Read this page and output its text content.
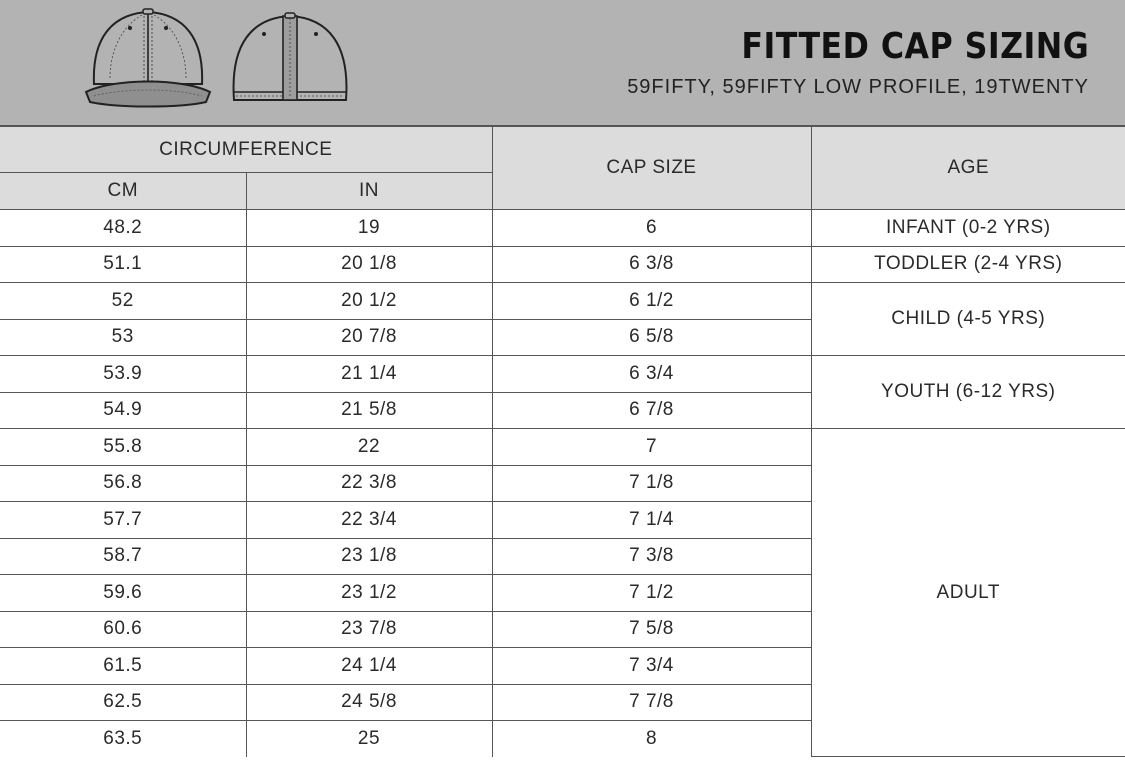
FITTED CAP SIZING
59FIFTY, 59FIFTY LOW PROFILE, 19TWENTY
CIRCUMFERENCE		CAP SIZE	AGE
CM	IN		
48.2	19	6	INFANT (0-2 YRS)
51.1	20 1/8	6 3/8	TODDLER (2-4 YRS)
52	20 1/2	6 1/2	CHILD (4-5 YRS)
53	20 7/8	6 5/8	
53.9	21 1/4	6 3/4	YOUTH (6-12 YRS)
54.9	21 5/8	6 7/8	
55.8	22	7	ADULT
56.8	22 3/8	7 1/8	
57.7	22 3/4	7 1/4	
58.7	23 1/8	7 3/8	
59.6	23 1/2	7 1/2	
60.6	23 7/8	7 5/8	
61.5	24 1/4	7 3/4	
62.5	24 5/8	7 7/8	
63.5	25	8	
